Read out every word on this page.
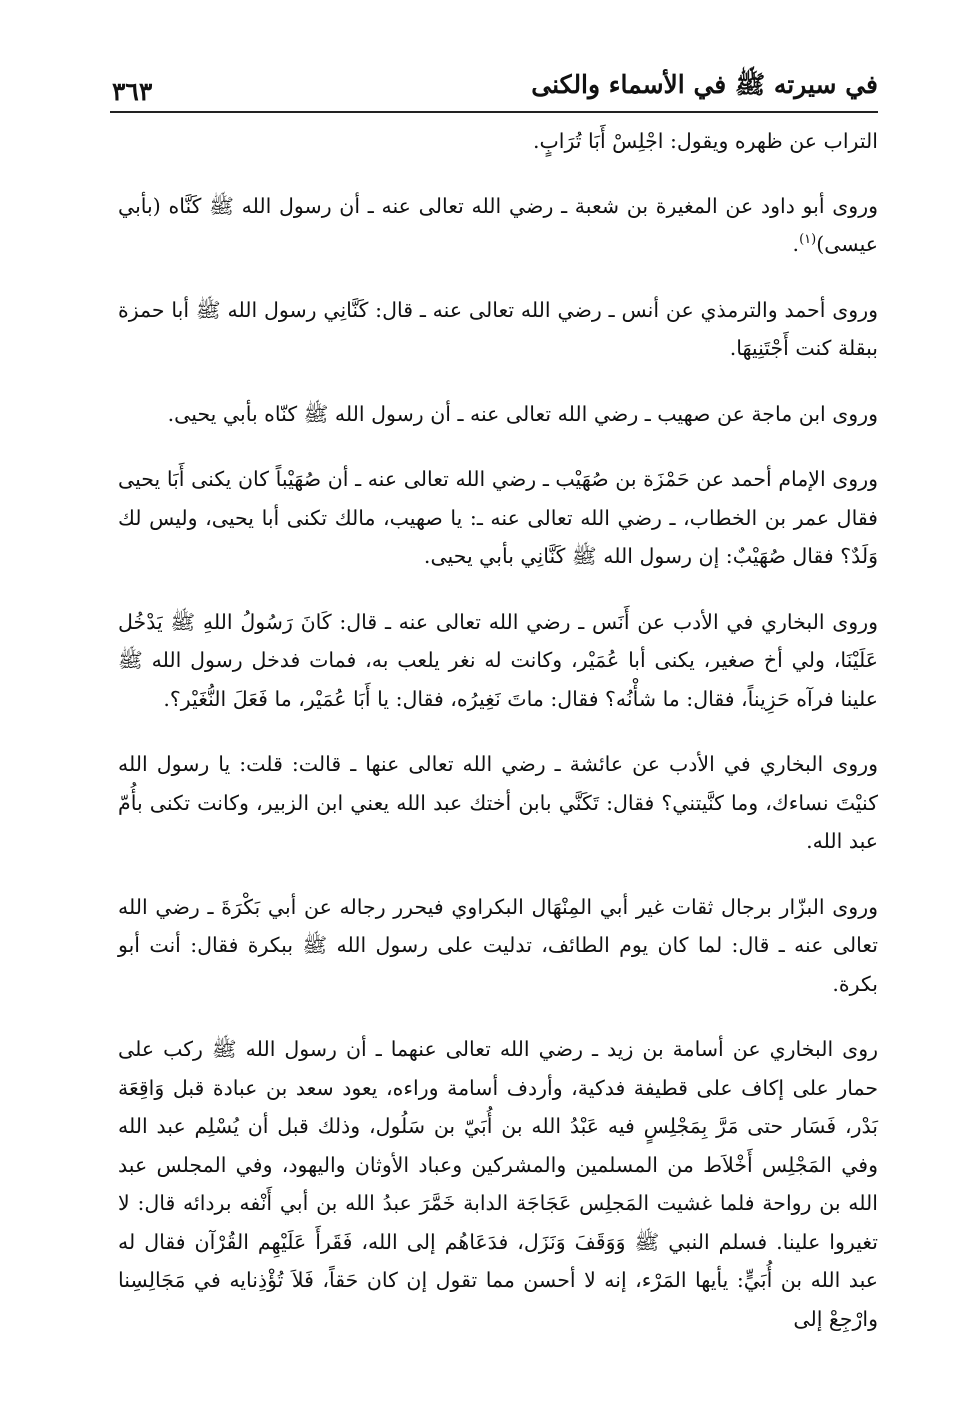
في سيرته ﷺ في الأسماء والكنى
٣٦٣

التراب عن ظهره ويقول: اجْلِسْ أَبَا تُرَابٍ.

وروى أبو داود عن المغيرة بن شعبة ـ رضي الله تعالى عنه ـ أن رسول الله ﷺ كَنَّاه (بأبي عيسى)$^{(١)}$.

وروى أحمد والترمذي عن أنس ـ رضي الله تعالى عنه ـ قال: كَنَّانِي رسول الله ﷺ أبا حمزة ببقلة كنت أَجْتَنِيهَا.

وروى ابن ماجة عن صهيب ـ رضي الله تعالى عنه ـ أن رسول الله ﷺ كنّاه بأبي يحيى.

وروى الإمام أحمد عن حَمْزَة بن صُهَيْب ـ رضي الله تعالى عنه ـ أن صُهَيْباً كان يكنى أَبَا يحيى فقال عمر بن الخطاب، ـ رضي الله تعالى عنه ـ: يا صهيب، مالك تكنى أبا يحيى، وليس لك وَلَدٌ؟ فقال صُهَيْبٌ: إن رسول الله ﷺ كَنَّانِي بأبي يحيى.

وروى البخاري في الأدب عن أَنَس ـ رضي الله تعالى عنه ـ قال: كَانَ رَسُولُ اللهِ ﷺ يَدْخُل عَلَيْنَا، ولي أخ صغير، يكنى أبا عُمَيْر، وكانت له نغر يلعب به، فمات فدخل رسول الله ﷺ علينا فرآه حَزِيناً، فقال: ما شأْنُه؟ فقال: ماتَ نَغِيرُه، فقال: يا أَبَا عُمَيْر، ما فَعَلَ النُّغَيْر؟.

وروى البخاري في الأدب عن عائشة ـ رضي الله تعالى عنها ـ قالت: قلت: يا رسول الله كنيْتَ نساءك، وما كنَّيتني؟ فقال: تَكَنَّي بابن أختك عبد الله يعني ابن الزبير، وكانت تكنى بأُمّ عبد الله.

وروى البزّار برجال ثقات غير أبي المِنْهَال البكراوي فيحرر رجاله عن أبي بَكْرَةَ ـ رضي الله تعالى عنه ـ قال: لما كان يوم الطائف، تدليت على رسول الله ﷺ ببكرة فقال: أنت أبو بكرة.

روى البخاري عن أسامة بن زيد ـ رضي الله تعالى عنهما ـ أن رسول الله ﷺ ركب على حمار على إكاف على قطيفة فدكية، وأردف أسامة وراءه، يعود سعد بن عبادة قبل وَاقِعَة بَدْر، فَسَار حتى مَرَّ بِمَجْلِسٍ فيه عَبْدُ الله بن أُبَيّ بن سَلُول، وذلك قبل أن يُسْلِم عبد الله وفي المَجْلِس أَخْلاَط من المسلمين والمشركين وعباد الأوثان واليهود، وفي المجلس عبد الله بن رواحة فلما غشيت المَجلِس عَجَاجَة الدابة خَمَّرَ عبدُ الله بن أبي أَنْفه بردائه قال: لا تغيروا علينا. فسلم النبي ﷺ وَوَقَفَ وَنَزَل، فدَعَاهُم إلى الله، فَقَرأَ عَلَيْهِم القُرْآن فقال له عبد الله بن أُبَيٍّ: يأيها المَرْء، إنه لا أحسن مما تقول إن كان حَقاً، فَلاَ تُؤْذِنايه في مَجَالِسِنا وارْجِعْ إلى
